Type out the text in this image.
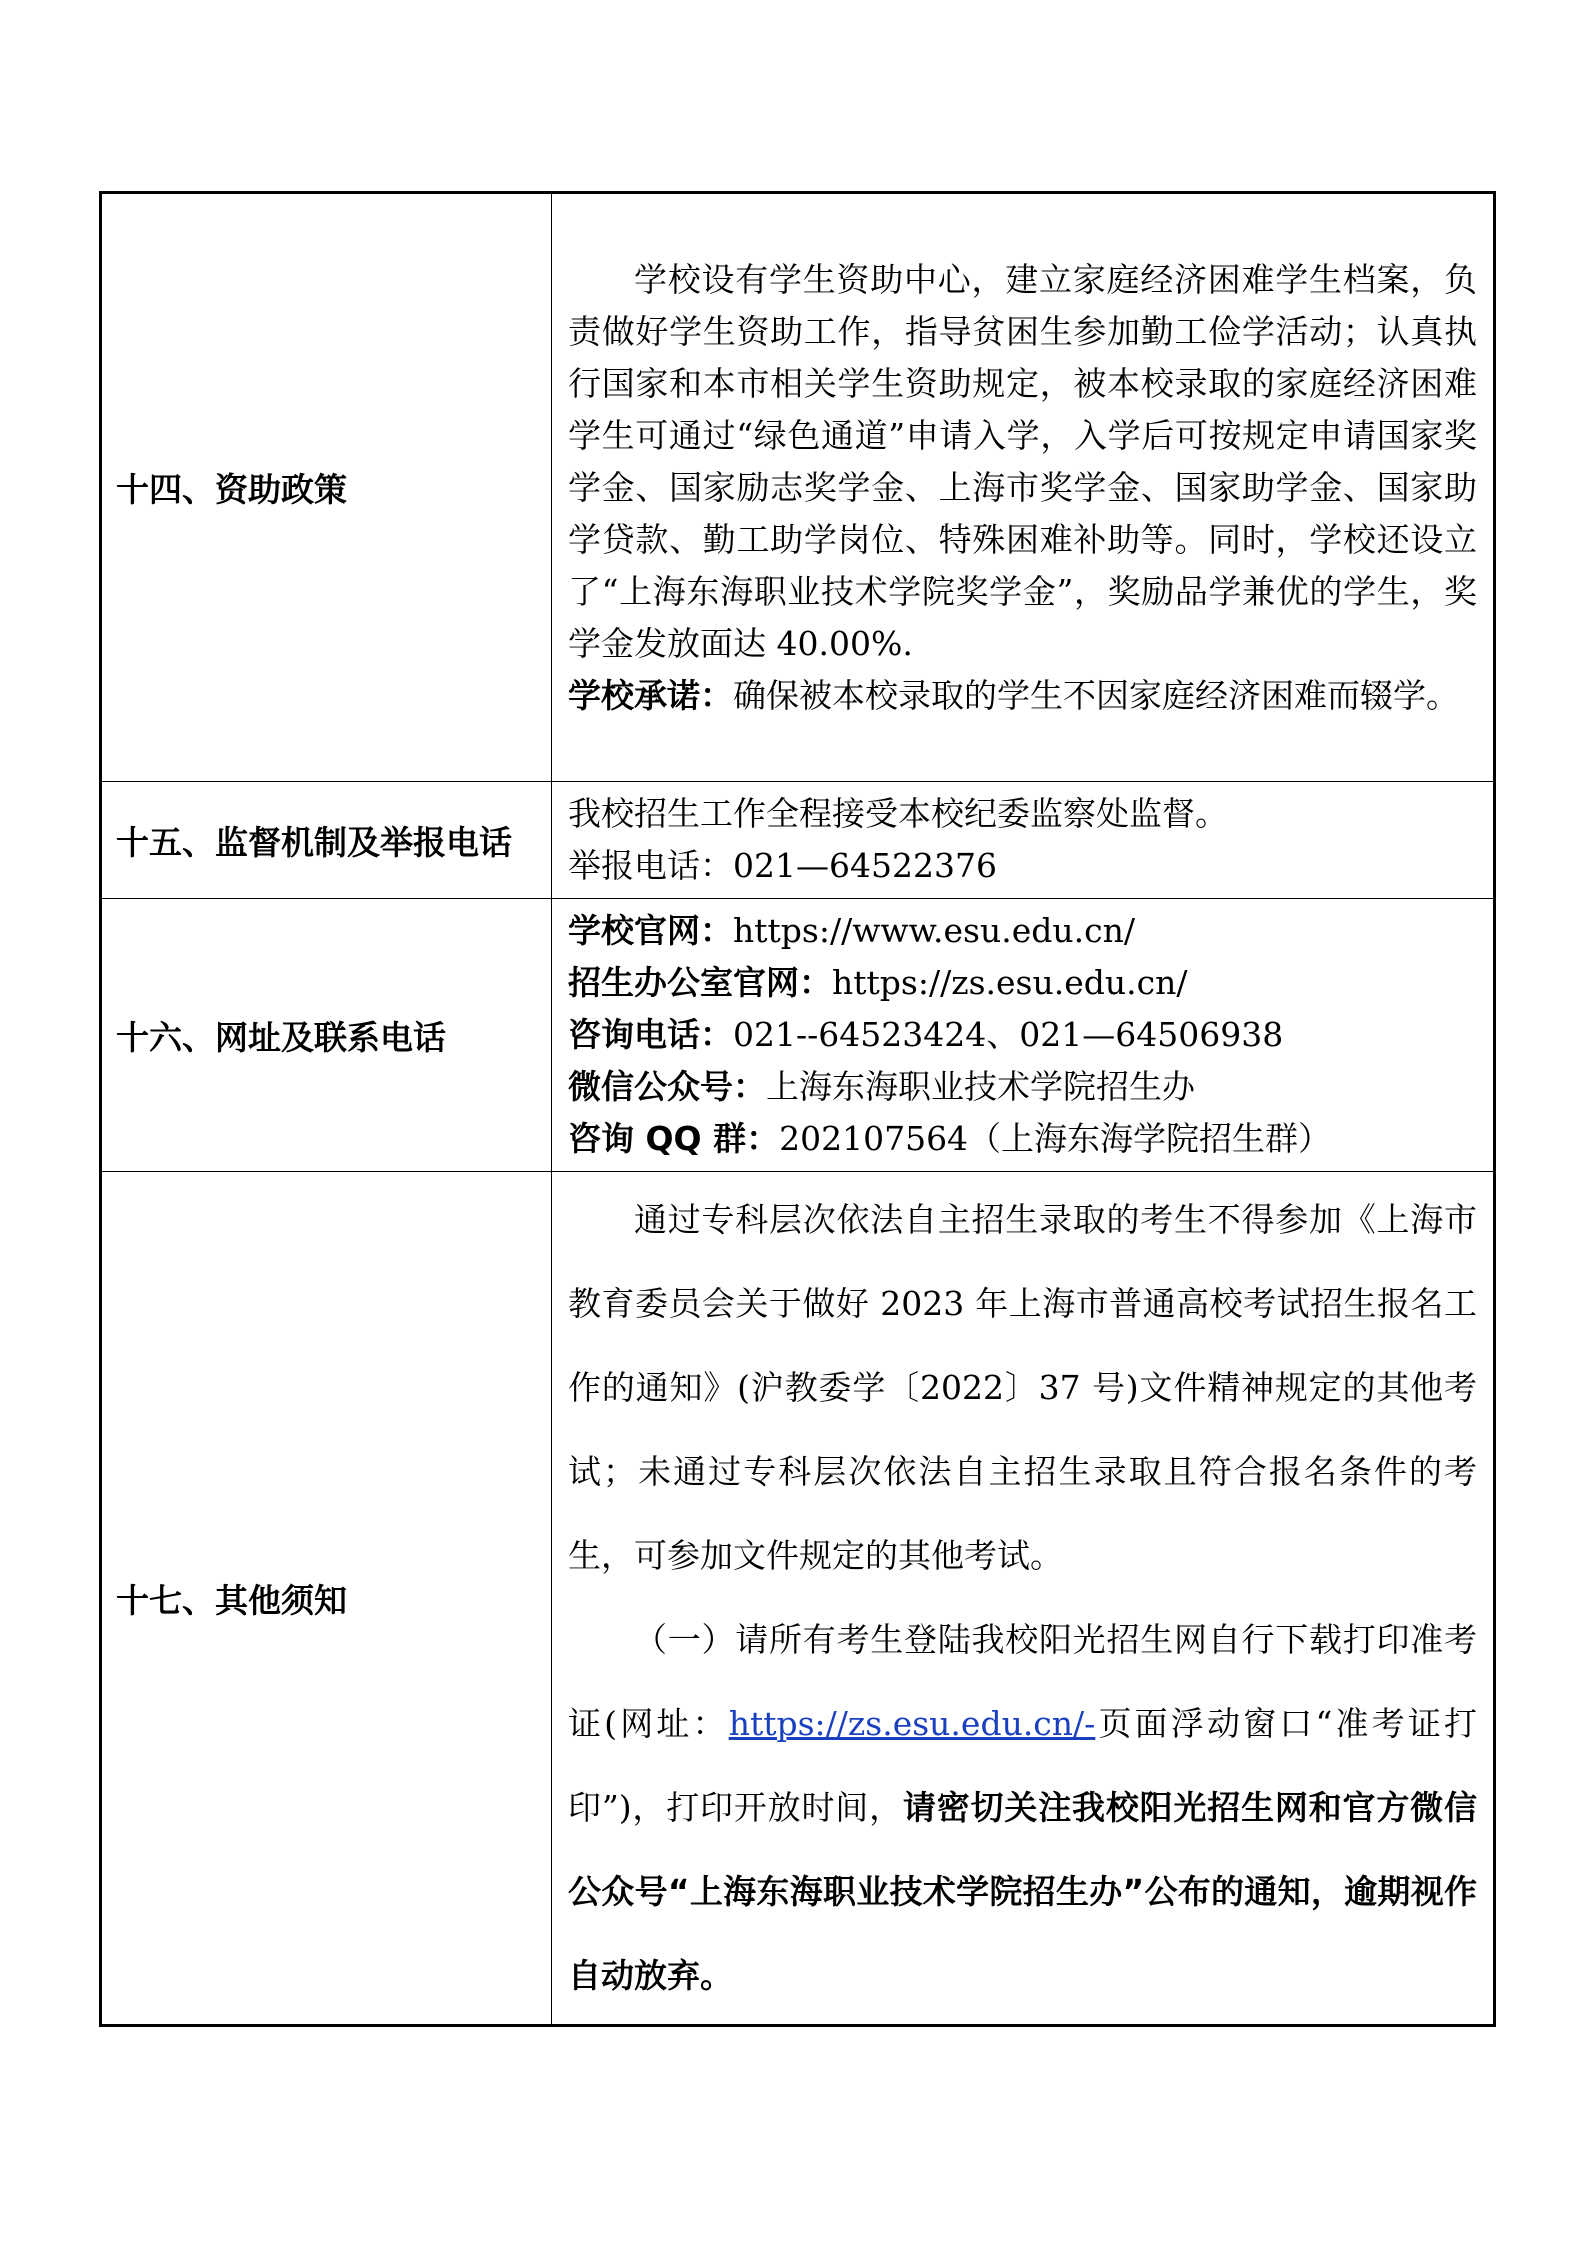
十四、资助政策	学校设有学生资助中心，建立家庭经济困难学生档案，负责做好学生资助工作，指导贫困生参加勤工俭学活动；认真执行国家和本市相关学生资助规定，被本校录取的家庭经济困难学生可通过“绿色通道”申请入学，入学后可按规定申请国家奖学金、国家励志奖学金、上海市奖学金、国家助学金、国家助学贷款、勤工助学岗位、特殊困难补助等。同时，学校还设立了“上海东海职业技术学院奖学金”，奖励品学兼优的学生，奖学金发放面达 40.00%.

学校承诺：确保被本校录取的学生不因家庭经济困难而辍学。

十五、监督机制及举报电话	我校招生工作全程接受本校纪委监察处监督。

举报电话：021—64522376

十六、网址及联系电话	学校官网：https://www.esu.edu.cn/

招生办公室官网：https://zs.esu.edu.cn/

咨询电话：021--64523424、021—64506938

微信公众号：上海东海职业技术学院招生办

咨询 QQ 群：202107564（上海东海学院招生群）

十七、其他须知	通过专科层次依法自主招生录取的考生不得参加《上海市教育委员会关于做好 2023 年上海市普通高校考试招生报名工作的通知》(沪教委学〔2022〕37 号)文件精神规定的其他考试；未通过专科层次依法自主招生录取且符合报名条件的考生，可参加文件规定的其他考试。

（一）请所有考生登陆我校阳光招生网自行下载打印准考证(网址：https://zs.esu.edu.cn/-页面浮动窗口“准考证打印”)，打印开放时间，请密切关注我校阳光招生网和官方微信公众号“上海东海职业技术学院招生办”公布的通知，逾期视作自动放弃。
